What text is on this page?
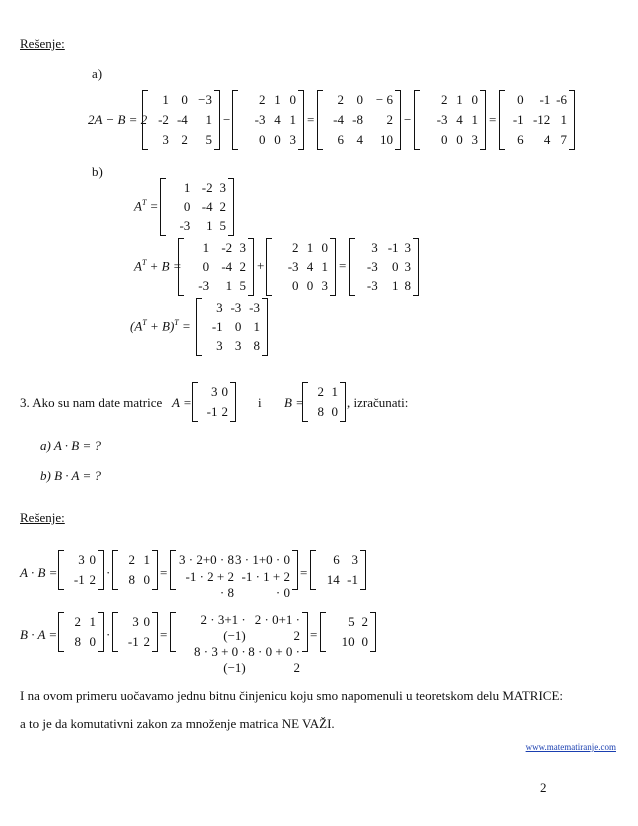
Rešenje:
a)
2A − B = 2
1	0	−3
-2	-4	1
3	2	5
−
2	1	0
-3	4	1
0	0	3
=
2	0	− 6
-4	-8	2
6	4	10
−
2	1	0
-3	4	1
0	0	3
=
0	-1	-6
-1	-12	1
6	4	7
b)
$A^T$ =
1	-2	3
0	-4	2
-3	1	5
$A^T + B$ =
1	-2	3
0	-4	2
-3	1	5
+
2	1	0
-3	4	1
0	0	3
=
3	-1	3
-3	0	3
-3	1	8
$(A^T + B)^T$ =
3	-3	-3
-1	0	1
3	3	8
3. Ako su nam date matrice A =
3	0
-1	2
i B =
2	1
8	0
, izračunati:
a) A · B = ?
b) B · A = ?
Rešenje:
A · B =
3	0
-1	2 ·
2	1
8	0 =
3 · 2+0 · 8	3 · 1+0 · 0
-1 · 2 + 2 · 8	-1 · 1 + 2 · 0
=
6	3
14	-1
B · A =
2	1
8	0 ·
3	0
-1	2 =
2 · 3+1 · (−1)	2 · 0+1 · 2
8 · 3 + 0 · (−1)	8 · 0 + 0 · 2
=
5	2
10	0
I na ovom primeru uočavamo jednu bitnu činjenicu koju smo napomenuli u teoretskom delu MATRICE:
a to je da komutativni zakon za množenje matrica NE VAŽI.
www.matematiranje.com
2
